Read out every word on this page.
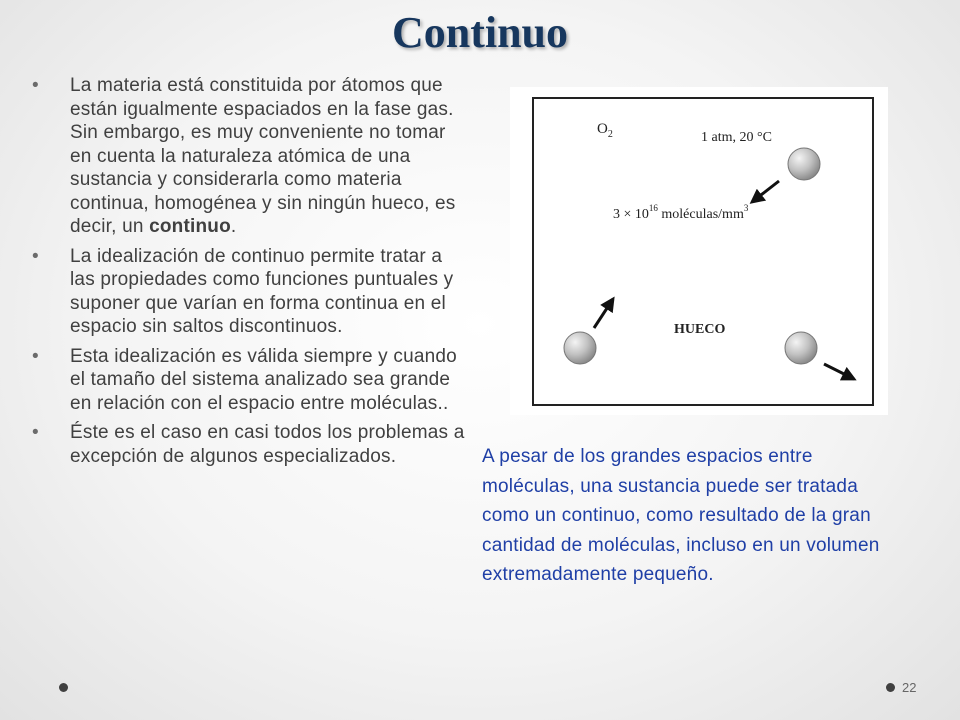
Continuo
• La materia está constituida por átomos que están igualmente espaciados en la fase gas. Sin embargo, es muy conveniente no tomar en cuenta la naturaleza atómica de una sustancia y considerarla como materia continua, homogénea y sin ningún hueco, es decir, un continuo.
• La idealización de continuo permite tratar a las propiedades como funciones puntuales y suponer que varían en forma continua en el espacio sin saltos discontinuos.
• Esta idealización es válida siempre y cuando el tamaño del sistema analizado sea grande en relación con el espacio entre moléculas..
• Éste es el caso en casi todos los problemas a excepción de algunos especializados.
$O_2$	1 atm, 20 °C
$3 \times 10^{16}$ moléculas/$mm^3$
HUECO

A pesar de los grandes espacios entre moléculas, una sustancia puede ser tratada como un continuo, como resultado de la gran cantidad de moléculas, incluso en un volumen extremadamente pequeño.

22
